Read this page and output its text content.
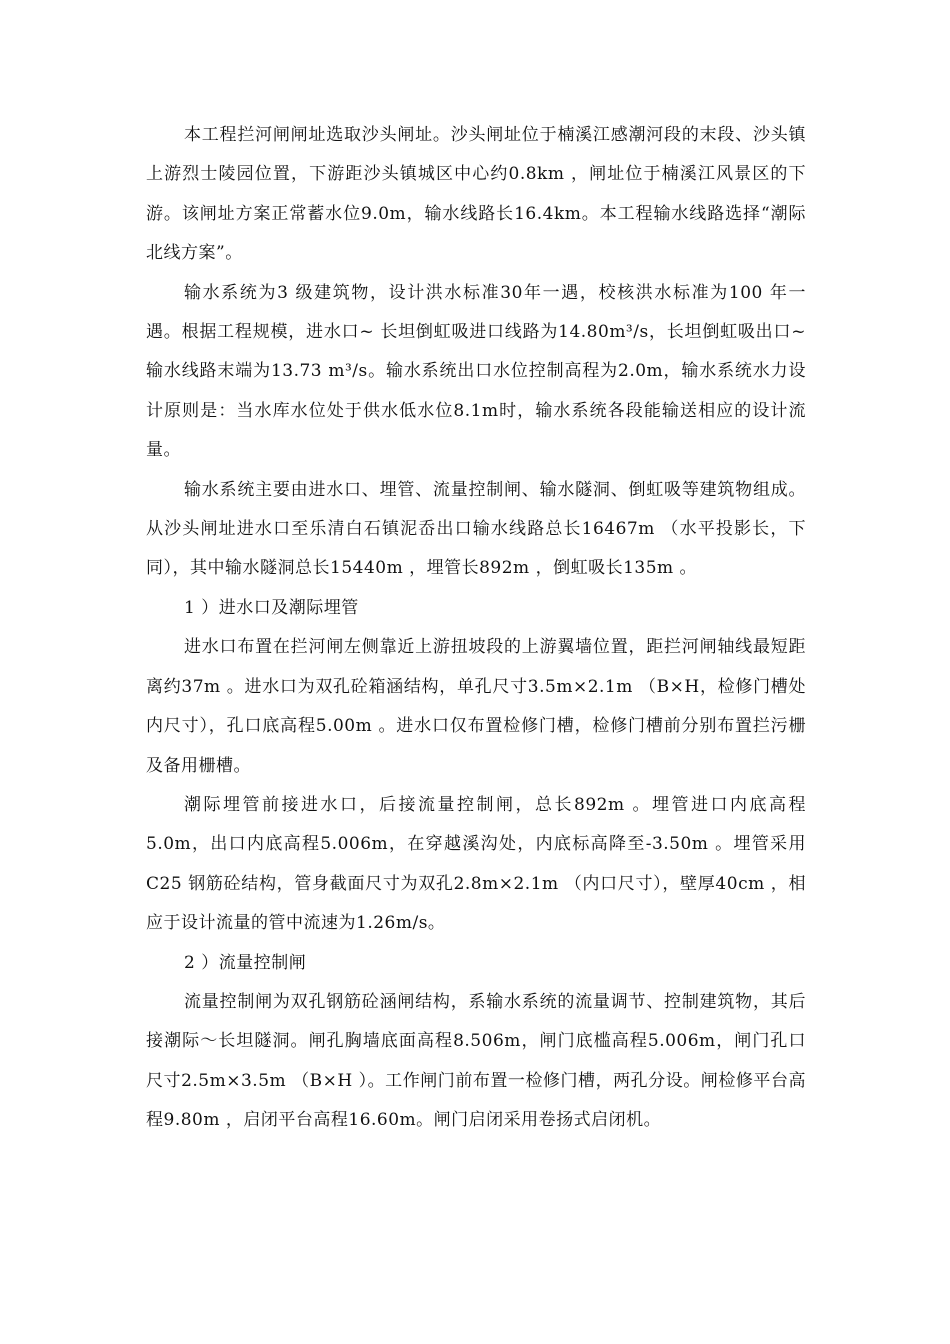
本工程拦河闸闸址选取沙头闸址。沙头闸址位于楠溪江感潮河段的末段、沙头镇上游烈士陵园位置，下游距沙头镇城区中心约0.8km ，闸址位于楠溪江风景区的下游。该闸址方案正常蓄水位9.0m，输水线路长16.4km。本工程输水线路选择“潮际北线方案”。

输水系统为3 级建筑物，设计洪水标准30年一遇，校核洪水标准为100 年一遇。根据工程规模，进水口~ 长坦倒虹吸进口线路为14.80m³/s，长坦倒虹吸出口~ 输水线路末端为13.73 m³/s。输水系统出口水位控制高程为2.0m，输水系统水力设计原则是：当水库水位处于供水低水位8.1m时，输水系统各段能输送相应的设计流量。

输水系统主要由进水口、埋管、流量控制闸、输水隧洞、倒虹吸等建筑物组成。从沙头闸址进水口至乐清白石镇泥岙出口输水线路总长16467m （水平投影长，下同），其中输水隧洞总长15440m ，埋管长892m ，倒虹吸长135m 。

1 ）进水口及潮际埋管

进水口布置在拦河闸左侧靠近上游扭坡段的上游翼墙位置，距拦河闸轴线最短距离约37m 。进水口为双孔砼箱涵结构，单孔尺寸3.5m×2.1m （B×H，检修门槽处内尺寸），孔口底高程5.00m 。进水口仅布置检修门槽，检修门槽前分别布置拦污栅及备用栅槽。

潮际埋管前接进水口，后接流量控制闸，总长892m 。埋管进口内底高程5.0m，出口内底高程5.006m，在穿越溪沟处，内底标高降至-3.50m 。埋管采用C25 钢筋砼结构，管身截面尺寸为双孔2.8m×2.1m （内口尺寸），壁厚40cm ，相应于设计流量的管中流速为1.26m/s。

2 ）流量控制闸

流量控制闸为双孔钢筋砼涵闸结构，系输水系统的流量调节、控制建筑物，其后接潮际～长坦隧洞。闸孔胸墙底面高程8.506m，闸门底槛高程5.006m，闸门孔口尺寸2.5m×3.5m （B×H ）。工作闸门前布置一检修门槽，两孔分设。闸检修平台高程9.80m ，启闭平台高程16.60m。闸门启闭采用卷扬式启闭机。
